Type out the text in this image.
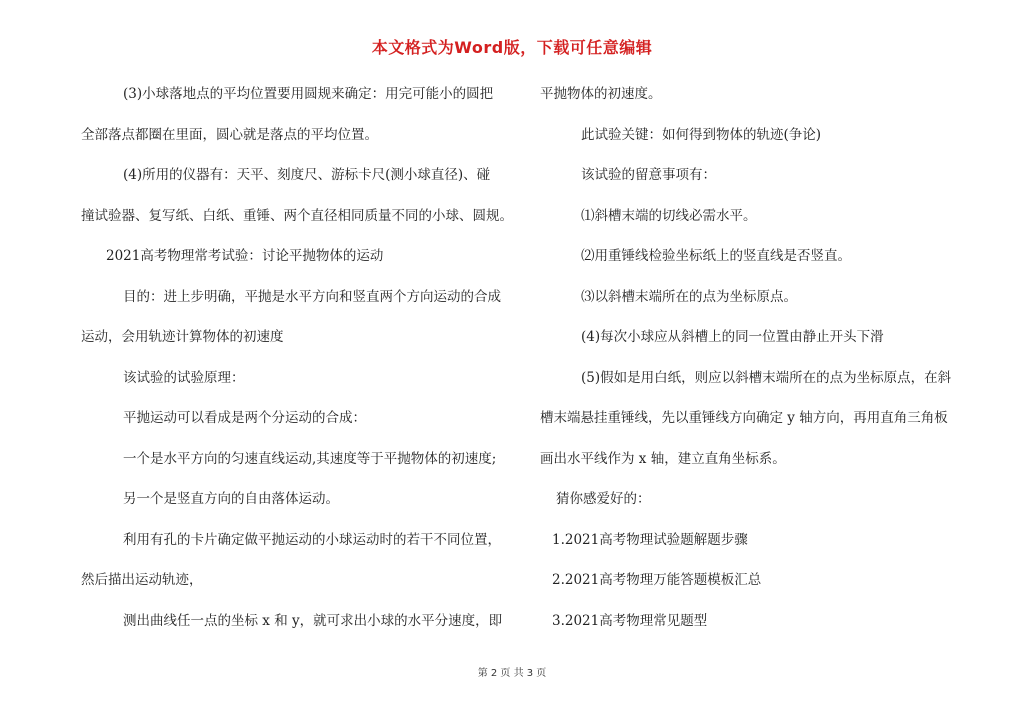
本文格式为Word版，下载可任意编辑
(3)小球落地点的平均位置要用圆规来确定：用完可能小的圆把
全部落点都圈在里面，圆心就是落点的平均位置。
(4)所用的仪器有：天平、刻度尺、游标卡尺(测小球直径)、碰
撞试验器、复写纸、白纸、重锤、两个直径相同质量不同的小球、圆规。
2021高考物理常考试验：讨论平抛物体的运动
目的：进上步明确，平抛是水平方向和竖直两个方向运动的合成
运动，会用轨迹计算物体的初速度
该试验的试验原理：
平抛运动可以看成是两个分运动的合成：
一个是水平方向的匀速直线运动,其速度等于平抛物体的初速度;
另一个是竖直方向的自由落体运动。
利用有孔的卡片确定做平抛运动的小球运动时的若干不同位置，
然后描出运动轨迹，
测出曲线任一点的坐标 x 和 y，就可求出小球的水平分速度，即
平抛物体的初速度。
此试验关键：如何得到物体的轨迹(争论)
该试验的留意事项有：
⑴斜槽末端的切线必需水平。
⑵用重锤线检验坐标纸上的竖直线是否竖直。
⑶以斜槽末端所在的点为坐标原点。
(4)每次小球应从斜槽上的同一位置由静止开头下滑
(5)假如是用白纸，则应以斜槽末端所在的点为坐标原点，在斜
槽末端悬挂重锤线，先以重锤线方向确定 y 轴方向，再用直角三角板
画出水平线作为 x 轴，建立直角坐标系。
猜你感爱好的：
1.2021高考物理试验题解题步骤
2.2021高考物理万能答题模板汇总
3.2021高考物理常见题型
第 2 页 共 3 页
